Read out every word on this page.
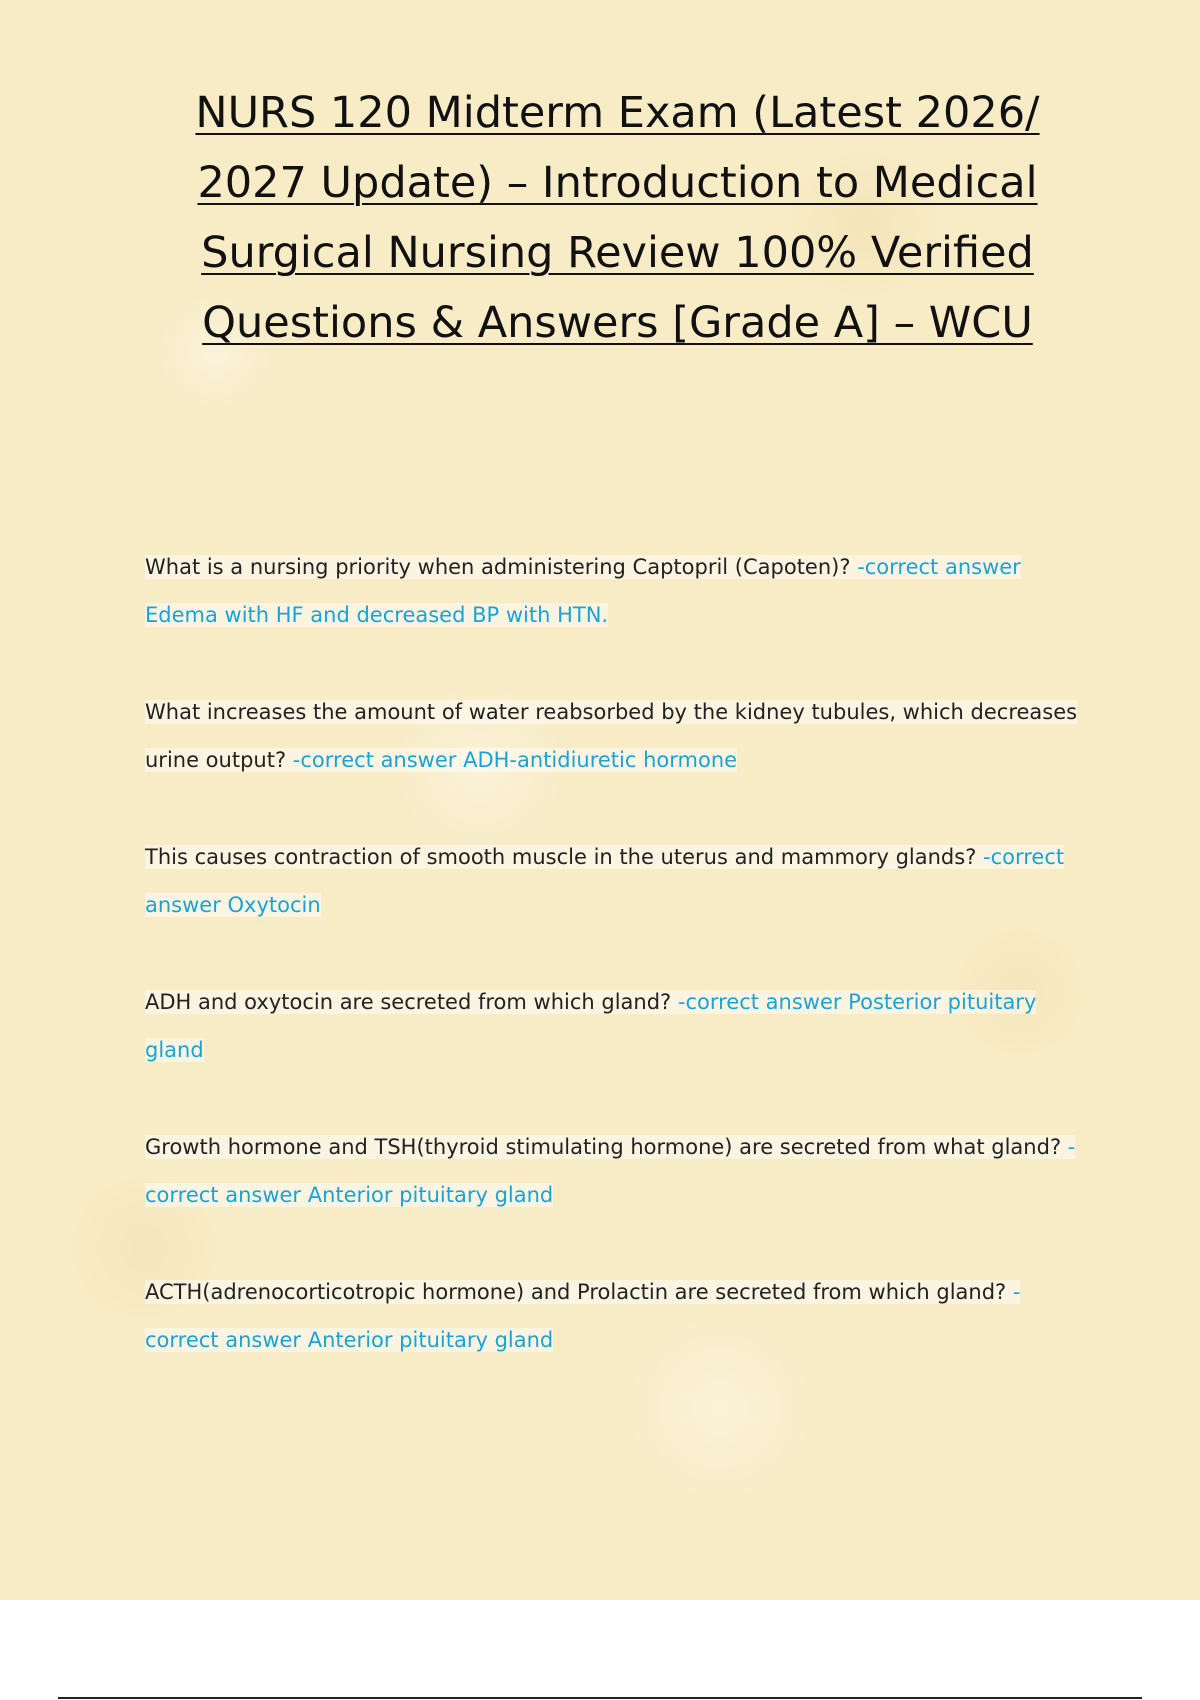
NURS 120 Midterm Exam (Latest 2026/ 2027 Update) – Introduction to Medical Surgical Nursing Review 100% Verified Questions & Answers [Grade A] – WCU

What is a nursing priority when administering Captopril (Capoten)? -correct answer Edema with HF and decreased BP with HTN.

What increases the amount of water reabsorbed by the kidney tubules, which decreases urine output? -correct answer ADH-antidiuretic hormone

This causes contraction of smooth muscle in the uterus and mammory glands? -correct answer Oxytocin

ADH and oxytocin are secreted from which gland? -correct answer Posterior pituitary gland

Growth hormone and TSH(thyroid stimulating hormone) are secreted from what gland? -correct answer Anterior pituitary gland

ACTH(adrenocorticotropic hormone) and Prolactin are secreted from which gland? -correct answer Anterior pituitary gland
